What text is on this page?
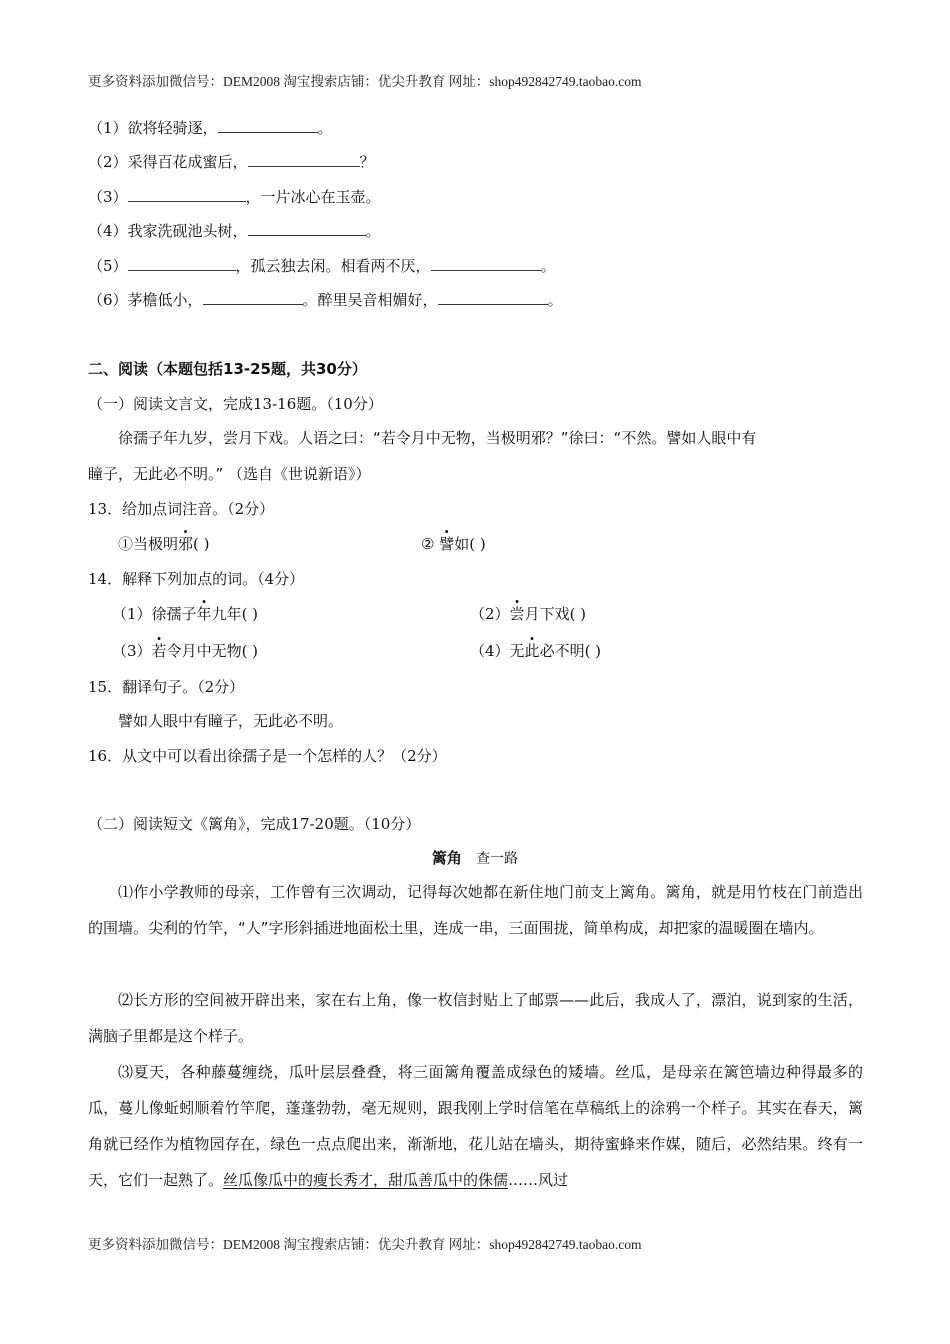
更多资料添加微信号：DEM2008 淘宝搜索店铺：优尖升教育 网址：shop492842749.taobao.com
（1）欲将轻骑逐，	。
（2）采得百花成蜜后，	？
（3）	，一片冰心在玉壶。
（4）我家洗砚池头树，	。
（5）	，孤云独去闲。相看两不厌，	。
（6）茅檐低小，	。醉里吴音相媚好，	。
二、阅读（本题包括13-25题，共30分）
（一）阅读文言文，完成13-16题。（10分）
徐孺子年九岁，尝月下戏。人语之曰：“若令月中无物，当极明邪？”徐曰：“不然。譬如人眼中有
瞳子，无此必不明。” （选自《世说新语》）
13．给加点词注音。（2分）
①当极明邪( )	② 譬如( )
14．解释下列加点的词。（4分）
（1）徐孺子年九年( )	（2）尝月下戏( )
（3）若令月中无物( )	（4）无此必不明( )
15．翻译句子。（2分）
譬如人眼中有瞳子，无此必不明。
16．从文中可以看出徐孺子是一个怎样的人？（2分）
（二）阅读短文《篱角》，完成17-20题。（10分）
篱角 查一路
⑴作小学教师的母亲，工作曾有三次调动，记得每次她都在新住地门前支上篱角。篱角，就是用竹枝在门前造出的围墙。尖利的竹竿，“人”字形斜插进地面松土里，连成一串，三面围拢，简单构成，却把家的温暖圈在墙内。
⑵长方形的空间被开辟出来，家在右上角，像一枚信封贴上了邮票——此后，我成人了，漂泊，说到家的生活，满脑子里都是这个样子。
⑶夏天，各种藤蔓缠绕，瓜叶层层叠叠，将三面篱角覆盖成绿色的矮墙。丝瓜，是母亲在篱笆墙边种得最多的瓜，蔓儿像蚯蚓顺着竹竿爬，蓬蓬勃勃，毫无规则，跟我刚上学时信笔在草稿纸上的涂鸦一个样子。其实在春天，篱角就已经作为植物园存在，绿色一点点爬出来，渐渐地，花儿站在墙头，期待蜜蜂来作媒，随后，必然结果。终有一天，它们一起熟了。丝瓜像瓜中的瘦长秀才，甜瓜善瓜中的侏儒……风过
更多资料添加微信号：DEM2008 淘宝搜索店铺：优尖升教育 网址：shop492842749.taobao.com
